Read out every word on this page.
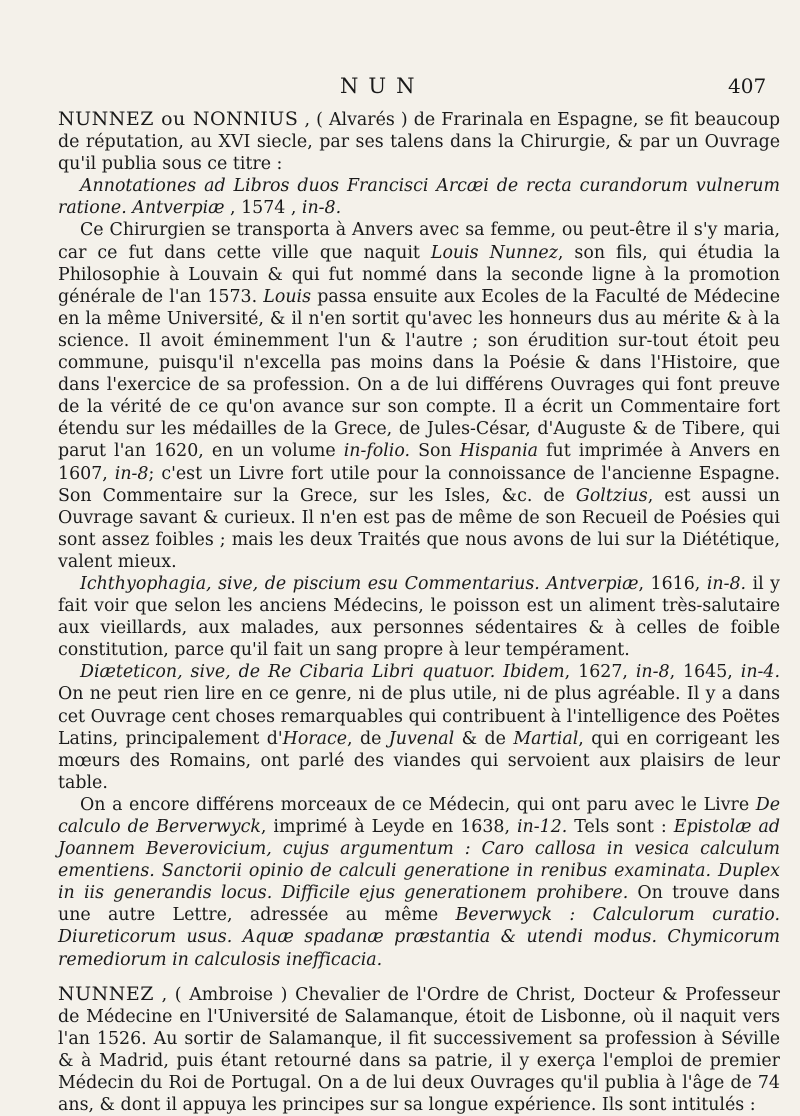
NUN	407

NUNNEZ ou NONNIUS , ( Alvarés ) de Frarinala en Espagne, se fit beaucoup de réputation, au XVI siecle, par ses talens dans la Chirurgie, & par un Ouvrage qu'il publia sous ce titre :

Annotationes ad Libros duos Francisci Arcæi de recta curandorum vulnerum ratione. Antverpiæ , 1574 , in-8.

Ce Chirurgien se transporta à Anvers avec sa femme, ou peut-être il s'y maria, car ce fut dans cette ville que naquit Louis Nunnez, son fils, qui étudia la Philosophie à Louvain & qui fut nommé dans la seconde ligne à la promotion générale de l'an 1573. Louis passa ensuite aux Ecoles de la Faculté de Médecine en la même Université, & il n'en sortit qu'avec les honneurs dus au mérite & à la science. Il avoit éminemment l'un & l'autre ; son érudition sur-tout étoit peu commune, puisqu'il n'excella pas moins dans la Poésie & dans l'Histoire, que dans l'exercice de sa profession. On a de lui différens Ouvrages qui font preuve de la vérité de ce qu'on avance sur son compte. Il a écrit un Commentaire fort étendu sur les médailles de la Grece, de Jules-César, d'Auguste & de Tibere, qui parut l'an 1620, en un volume in-folio. Son Hispania fut imprimée à Anvers en 1607, in-8; c'est un Livre fort utile pour la connoissance de l'ancienne Espagne. Son Commentaire sur la Grece, sur les Isles, &c. de Goltzius, est aussi un Ouvrage savant & curieux. Il n'en est pas de même de son Recueil de Poésies qui sont assez foibles ; mais les deux Traités que nous avons de lui sur la Diététique, valent mieux.

Ichthyophagia, sive, de piscium esu Commentarius. Antverpiæ, 1616, in-8. il y fait voir que selon les anciens Médecins, le poisson est un aliment très-salutaire aux vieillards, aux malades, aux personnes sédentaires & à celles de foible constitution, parce qu'il fait un sang propre à leur tempérament.

Diæteticon, sive, de Re Cibaria Libri quatuor. Ibidem, 1627, in-8, 1645, in-4. On ne peut rien lire en ce genre, ni de plus utile, ni de plus agréable. Il y a dans cet Ouvrage cent choses remarquables qui contribuent à l'intelligence des Poëtes Latins, principalement d'Horace, de Juvenal & de Martial, qui en corrigeant les mœurs des Romains, ont parlé des viandes qui servoient aux plaisirs de leur table.

On a encore différens morceaux de ce Médecin, qui ont paru avec le Livre De calculo de Berverwyck, imprimé à Leyde en 1638, in-12. Tels sont : Epistolæ ad Joannem Beverovicium, cujus argumentum : Caro callosa in vesica calculum ementiens. Sanctorii opinio de calculi generatione in renibus examinata. Duplex in iis generandis locus. Difficile ejus generationem prohibere. On trouve dans une autre Lettre, adressée au même Beverwyck : Calculorum curatio. Diureticorum usus. Aquæ spadanæ præstantia & utendi modus. Chymicorum remediorum in calculosis inefficacia.

NUNNEZ , ( Ambroise ) Chevalier de l'Ordre de Christ, Docteur & Professeur de Médecine en l'Université de Salamanque, étoit de Lisbonne, où il naquit vers l'an 1526. Au sortir de Salamanque, il fit successivement sa profession à Séville & à Madrid, puis étant retourné dans sa patrie, il y exerça l'emploi de premier Médecin du Roi de Portugal. On a de lui deux Ouvrages qu'il publia à l'âge de 74 ans, & dont il appuya les principes sur sa longue expérience. Ils sont intitulés :
